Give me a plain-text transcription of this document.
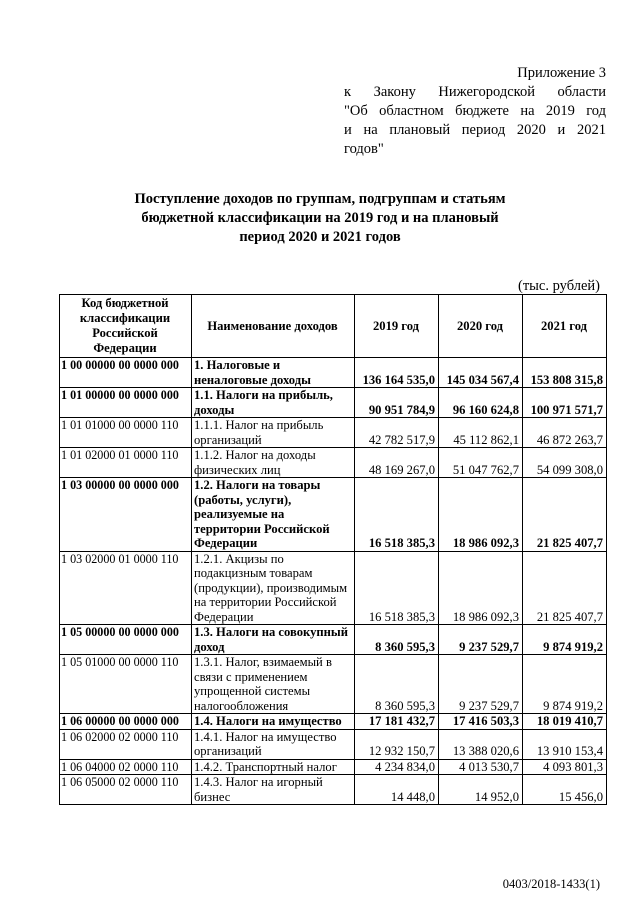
Приложение 3
к Закону Нижегородской области
"Об областном бюджете на 2019 год
и на плановый период 2020 и 2021
годов"
Поступление доходов по группам, подгруппам и статьям
бюджетной классификации на 2019 год и на плановый
период 2020 и 2021 годов
(тыс. рублей)
Код бюджетной классификации Российской Федерации	Наименование доходов	2019 год	2020 год	2021 год
1 00 00000 00 0000 000	1. Налоговые и неналоговые доходы	136 164 535,0	145 034 567,4	153 808 315,8
1 01 00000 00 0000 000	1.1. Налоги на прибыль, доходы	90 951 784,9	96 160 624,8	100 971 571,7
1 01 01000 00 0000 110	1.1.1. Налог на прибыль организаций	42 782 517,9	45 112 862,1	46 872 263,7
1 01 02000 01 0000 110	1.1.2. Налог на доходы физических лиц	48 169 267,0	51 047 762,7	54 099 308,0
1 03 00000 00 0000 000	1.2. Налоги на товары (работы, услуги), реализуемые на территории Российской Федерации	16 518 385,3	18 986 092,3	21 825 407,7
1 03 02000 01 0000 110	1.2.1. Акцизы по подакцизным товарам (продукции), производимым на территории Российской Федерации	16 518 385,3	18 986 092,3	21 825 407,7
1 05 00000 00 0000 000	1.3. Налоги на совокупный доход	8 360 595,3	9 237 529,7	9 874 919,2
1 05 01000 00 0000 110	1.3.1. Налог, взимаемый в связи с применением упрощенной системы налогообложения	8 360 595,3	9 237 529,7	9 874 919,2
1 06 00000 00 0000 000	1.4. Налоги на имущество	17 181 432,7	17 416 503,3	18 019 410,7
1 06 02000 02 0000 110	1.4.1. Налог на имущество организаций	12 932 150,7	13 388 020,6	13 910 153,4
1 06 04000 02 0000 110	1.4.2. Транспортный налог	4 234 834,0	4 013 530,7	4 093 801,3
1 06 05000 02 0000 110	1.4.3. Налог на игорный бизнес	14 448,0	14 952,0	15 456,0
0403/2018-1433(1)
